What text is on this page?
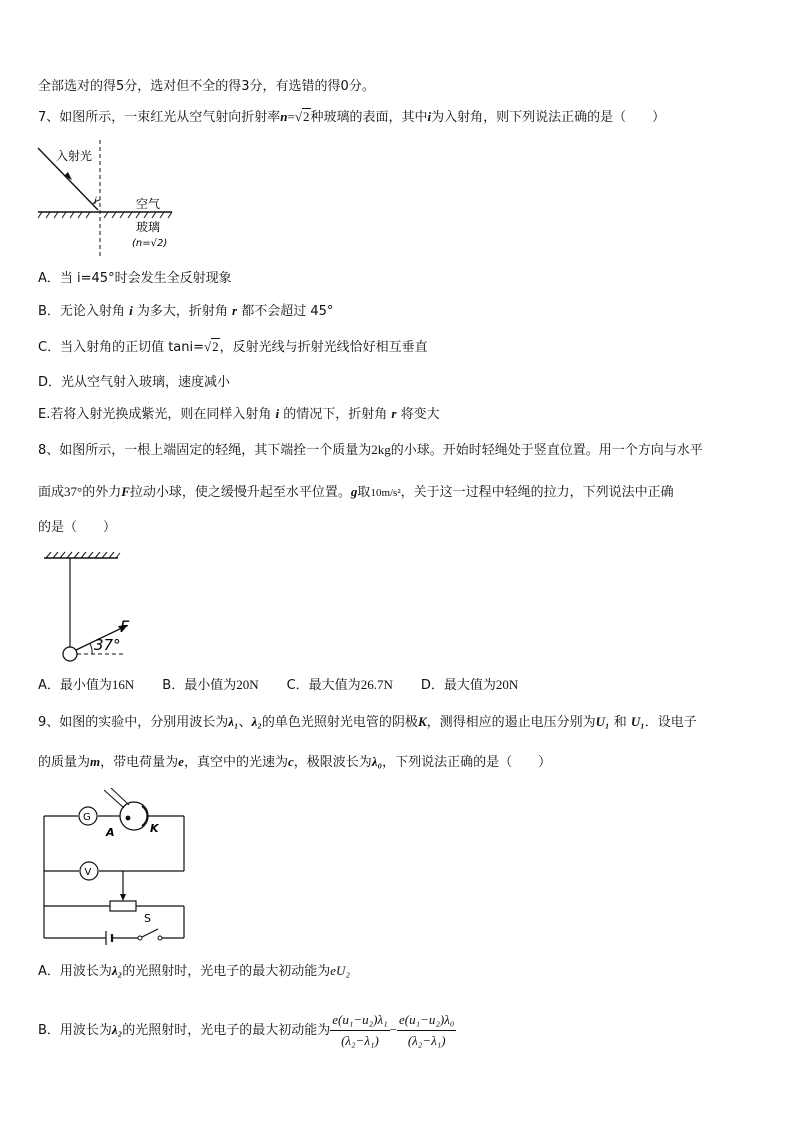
全部选对的得5分，选对但不全的得3分，有选错的得0分。
7、如图所示，一束红光从空气射向折射率n=√2种玻璃的表面，其中i为入射角，则下列说法正确的是（　　）
入射光
i	空气
玻璃
(n=√2)
A．当 i=45°时会发生全反射现象
B．无论入射角 i 为多大，折射角 r 都不会超过 45°
C．当入射角的正切值 tani=√2，反射光线与折射光线恰好相互垂直
D．光从空气射入玻璃，速度减小
E.若将入射光换成紫光，则在同样入射角 i 的情况下，折射角 r 将变大
8、如图所示，一根上端固定的轻绳，其下端拴一个质量为2kg的小球。开始时轻绳处于竖直位置。用一个方向与水平
面成37°的外力F拉动小球，使之缓慢升起至水平位置。g取10m/s²，关于这一过程中轻绳的拉力，下列说法中正确
的是（　　）
F
37°
A．最小值为16N B．最小值为20N C．最大值为26.7N D．最大值为20N
9、如图的实验中，分别用波长为λ₁、λ₂的单色光照射光电管的阴极K，测得相应的遏止电压分别为U₁ 和 U₁．设电子
的质量为m，带电荷量为e，真空中的光速为c，极限波长为λ₀，下列说法正确的是（　　）
G
V
A	K
S
A．用波长为λ₂的光照射时，光电子的最大初动能为eU₂
B．用波长为λ₂的光照射时，光电子的最大初动能为 $\frac{\text{e(u₁−u₂)λ₁}}{\text{(λ₂−λ₁)}} - \frac{\text{e(u₁−u₂)λ₀}}{\text{(λ₂−λ₁)}}$
